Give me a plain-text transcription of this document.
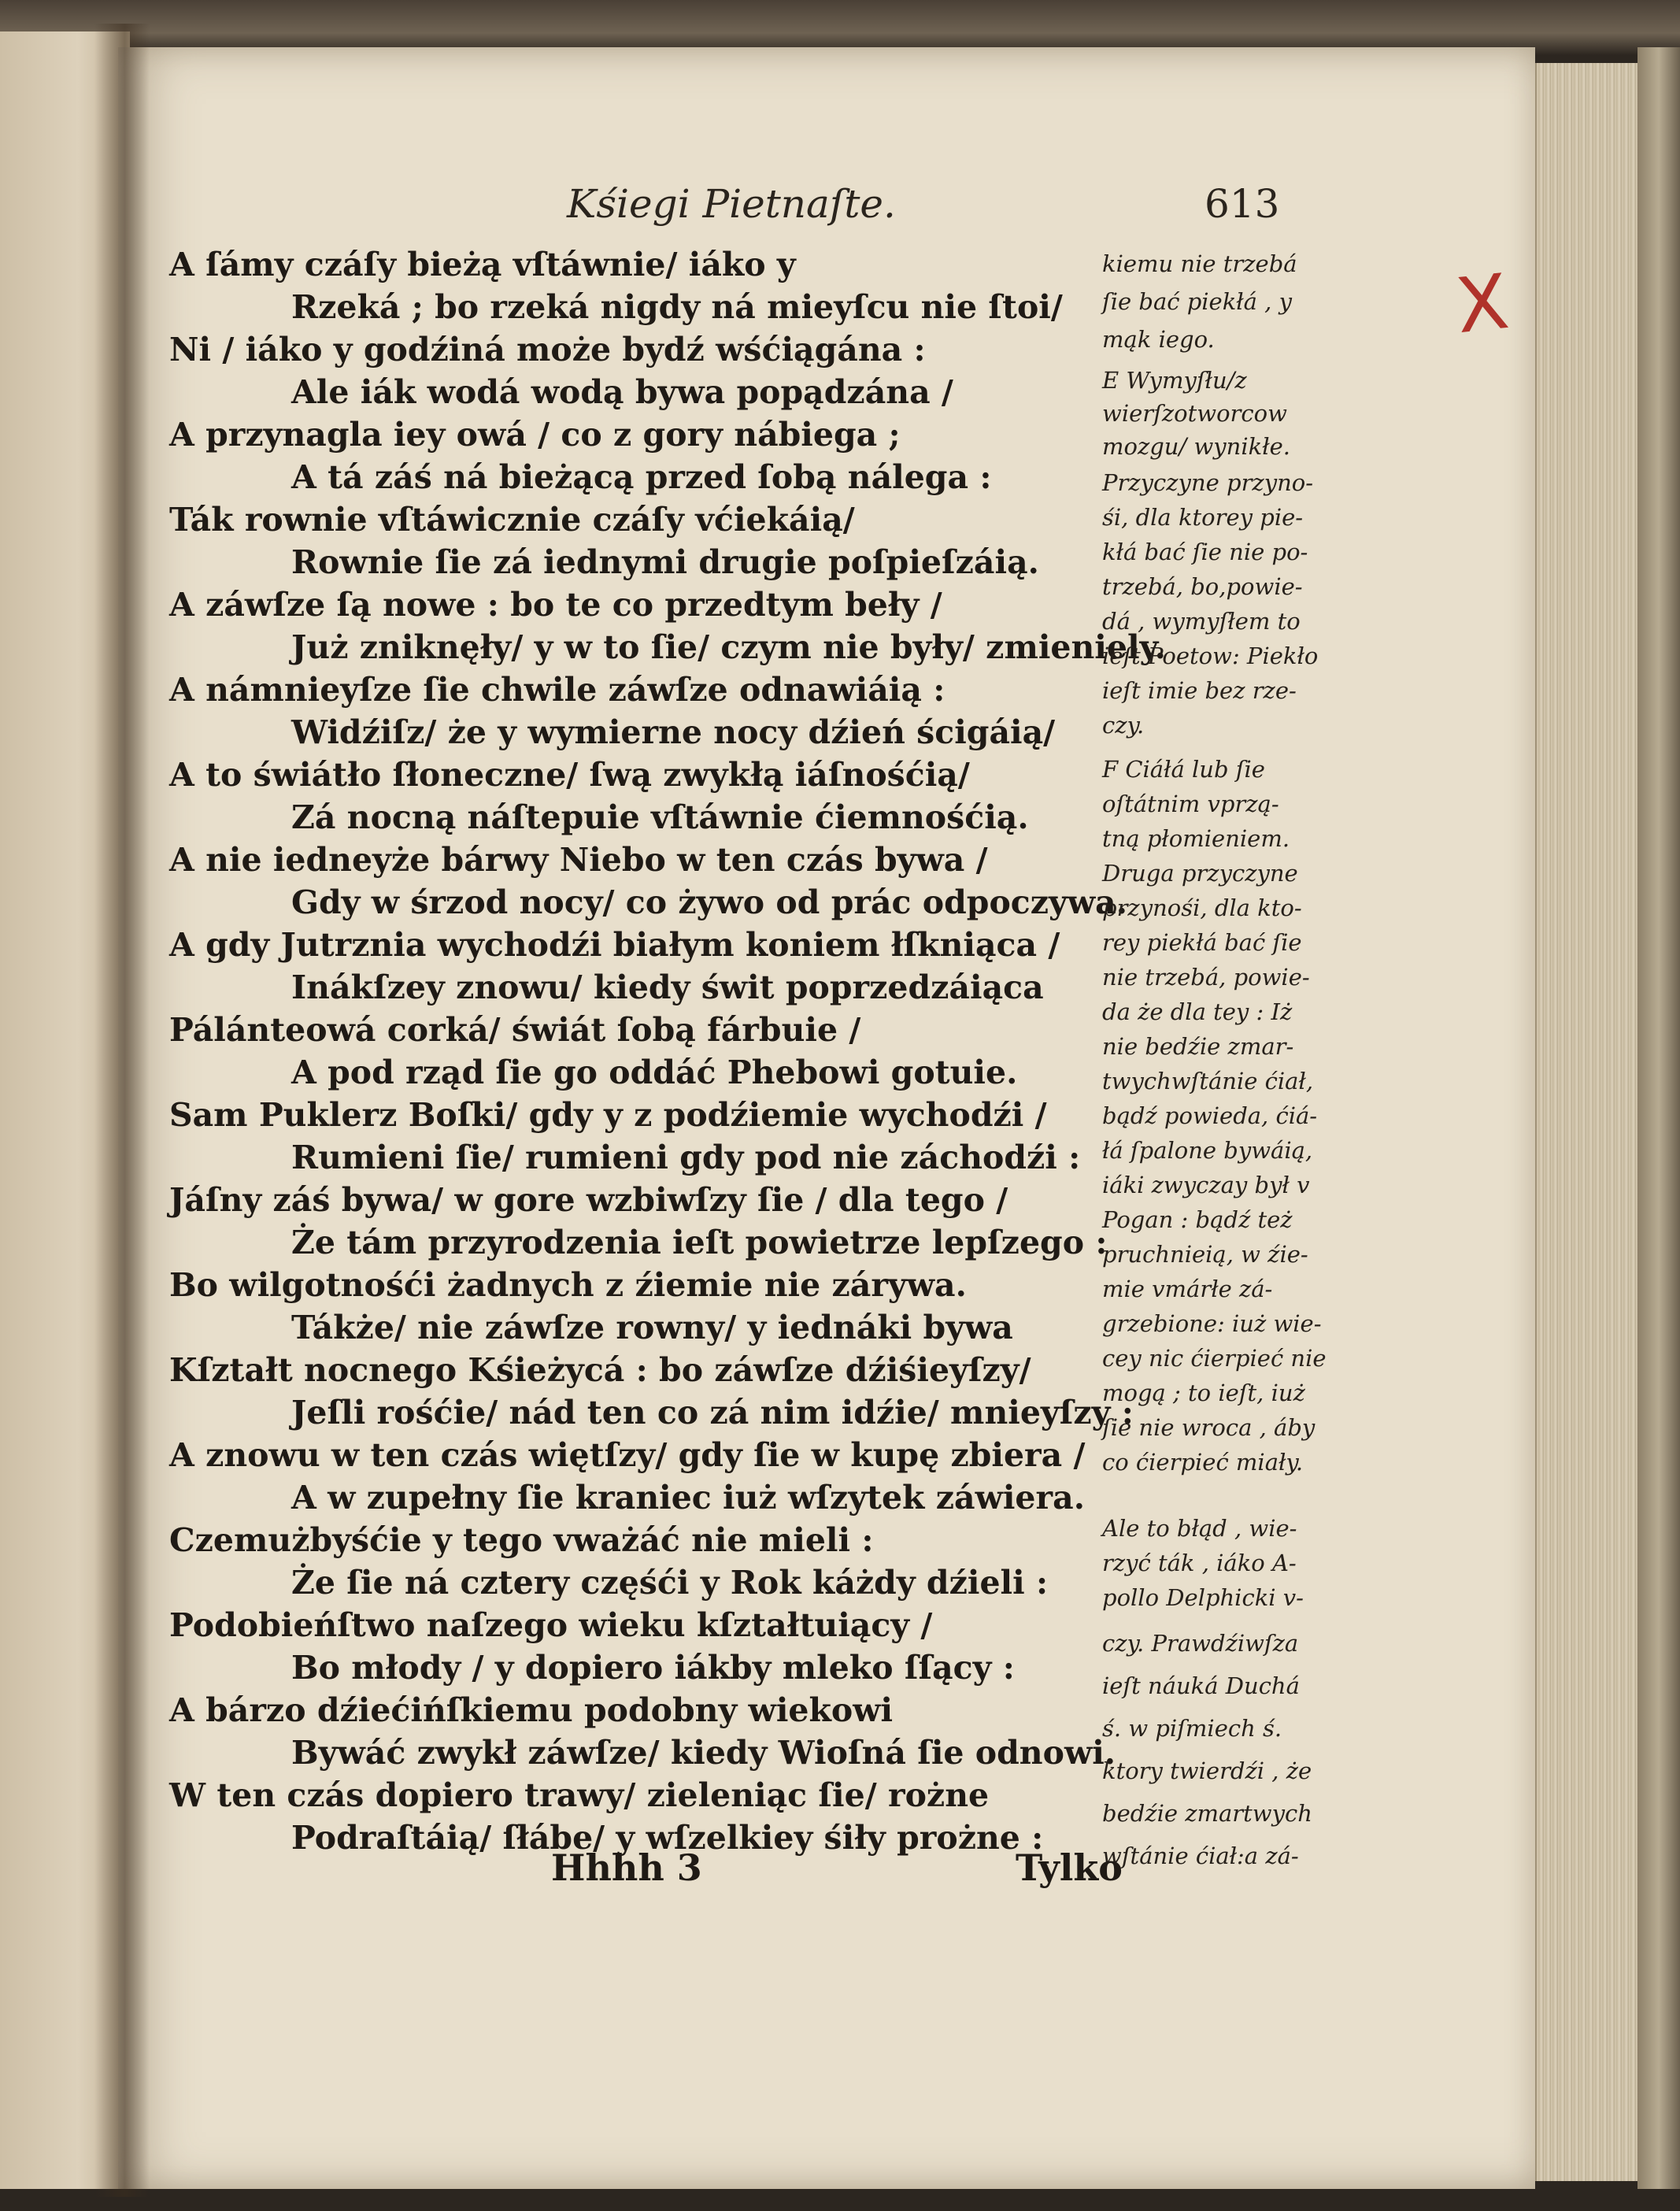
Kśiegi Pietnaſte.	613
X
A ſámy czáſy bieżą vſtáwnie/ iáko y
Rzeká ; bo rzeká nigdy ná mieyſcu nie ſtoi/
Ni / iáko y godźiná może bydź wśćiągána :
Ale iák wodá wodą bywa popądzána /
A przynagla iey owá / co z gory nábiega ;
A tá záś ná bieżącą przed ſobą nálega :
Ták rownie vſtáwicznie czáſy vćiekáią/
Rownie ſie zá iednymi drugie poſpieſzáią.
A záwſze ſą nowe : bo te co przedtym beły /
Już zniknęły/ y w to ſie/ czym nie były/ zmieniely.
A námnieyſze ſie chwile záwſze odnawiáią :
Widźiſz/ że y wymierne nocy dźień ścigáią/
A to świátło ſłoneczne/ ſwą zwykłą iáſnośćią/
Zá nocną náſtepuie vſtáwnie ćiemnośćią.
A nie iedneyże bárwy Niebo w ten czás bywa /
Gdy w śrzod nocy/ co żywo od prác odpoczywa.
A gdy Jutrznia wychodźi białym koniem łſkniąca /
Inákſzey znowu/ kiedy świt poprzedzáiąca
Pálánteowá corká/ świát ſobą fárbuie /
A pod rząd ſie go oddáć Phebowi gotuie.
Sam Puklerz Boſki/ gdy y z podźiemie wychodźi /
Rumieni ſie/ rumieni gdy pod nie záchodźi :
Jáſny záś bywa/ w gore wzbiwſzy ſie / dla tego /
Że tám przyrodzenia ieſt powietrze lepſzego :
Bo wilgotnośći żadnych z źiemie nie zárywa.
Tákże/ nie záwſze rowny/ y iednáki bywa
Kſztałt nocnego Kśieżycá : bo záwſze dźiśieyſzy/
Jeſli rośćie/ nád ten co zá nim idźie/ mnieyſzy :
A znowu w ten czás więtſzy/ gdy ſie w kupę zbiera /
A w zupełny ſie kraniec iuż wſzytek záwiera.
Czemużbyśćie y tego vważáć nie mieli :
Że ſie ná cztery częśći y Rok káżdy dźieli :
Podobieńſtwo naſzego wieku kſztałtuiący /
Bo młody / y dopiero iákby mleko ſſący :
A bárzo dźiećińſkiemu podobny wiekowi
Bywáć zwykł záwſze/ kiedy Wioſná ſie odnowi.
W ten czás dopiero trawy/ zieleniąc ſie/ rożne
Podraſtáią/ ſłábe/ y wſzelkiey śiły prożne :
kiemu nie trzebá
ſie bać piekłá , y
mąk iego.
E Wymyſłu/z
wierſzotworcow
mozgu/ wynikłe.
Przyczyne przyno-
śi, dla ktorey pie-
kłá bać ſie nie po-
trzebá, bo,powie-
dá , wymyſłem to
ieſt Poetow: Piekło
ieſt imie bez rze-
czy.
F Ciáłá lub ſie
oſtátnim vprzą-
tną płomieniem.
Druga przyczyne
przynośi, dla kto-
rey piekłá bać ſie
nie trzebá, powie-
da że dla tey : Iż
nie bedźie zmar-
twychwſtánie ćiał,
bądź powieda, ćiá-
łá ſpalone bywáią,
iáki zwyczay był v
Pogan : bądź też
pruchnieią, w źie-
mie vmárłe zá-
grzebione: iuż wie-
cey nic ćierpieć nie
mogą ; to ieſt, iuż
ſie nie wroca , áby
co ćierpieć miały.
Ale to błąd , wie-
rzyć ták , iáko A-
pollo Delphicki v-
czy. Prawdźiwſza
ieſt náuká Duchá
ś. w piſmiech ś.
ktory twierdźi , że
bedźie zmartwych
wſtánie ćiał:a zá-
Hhhh 3	Tylko
